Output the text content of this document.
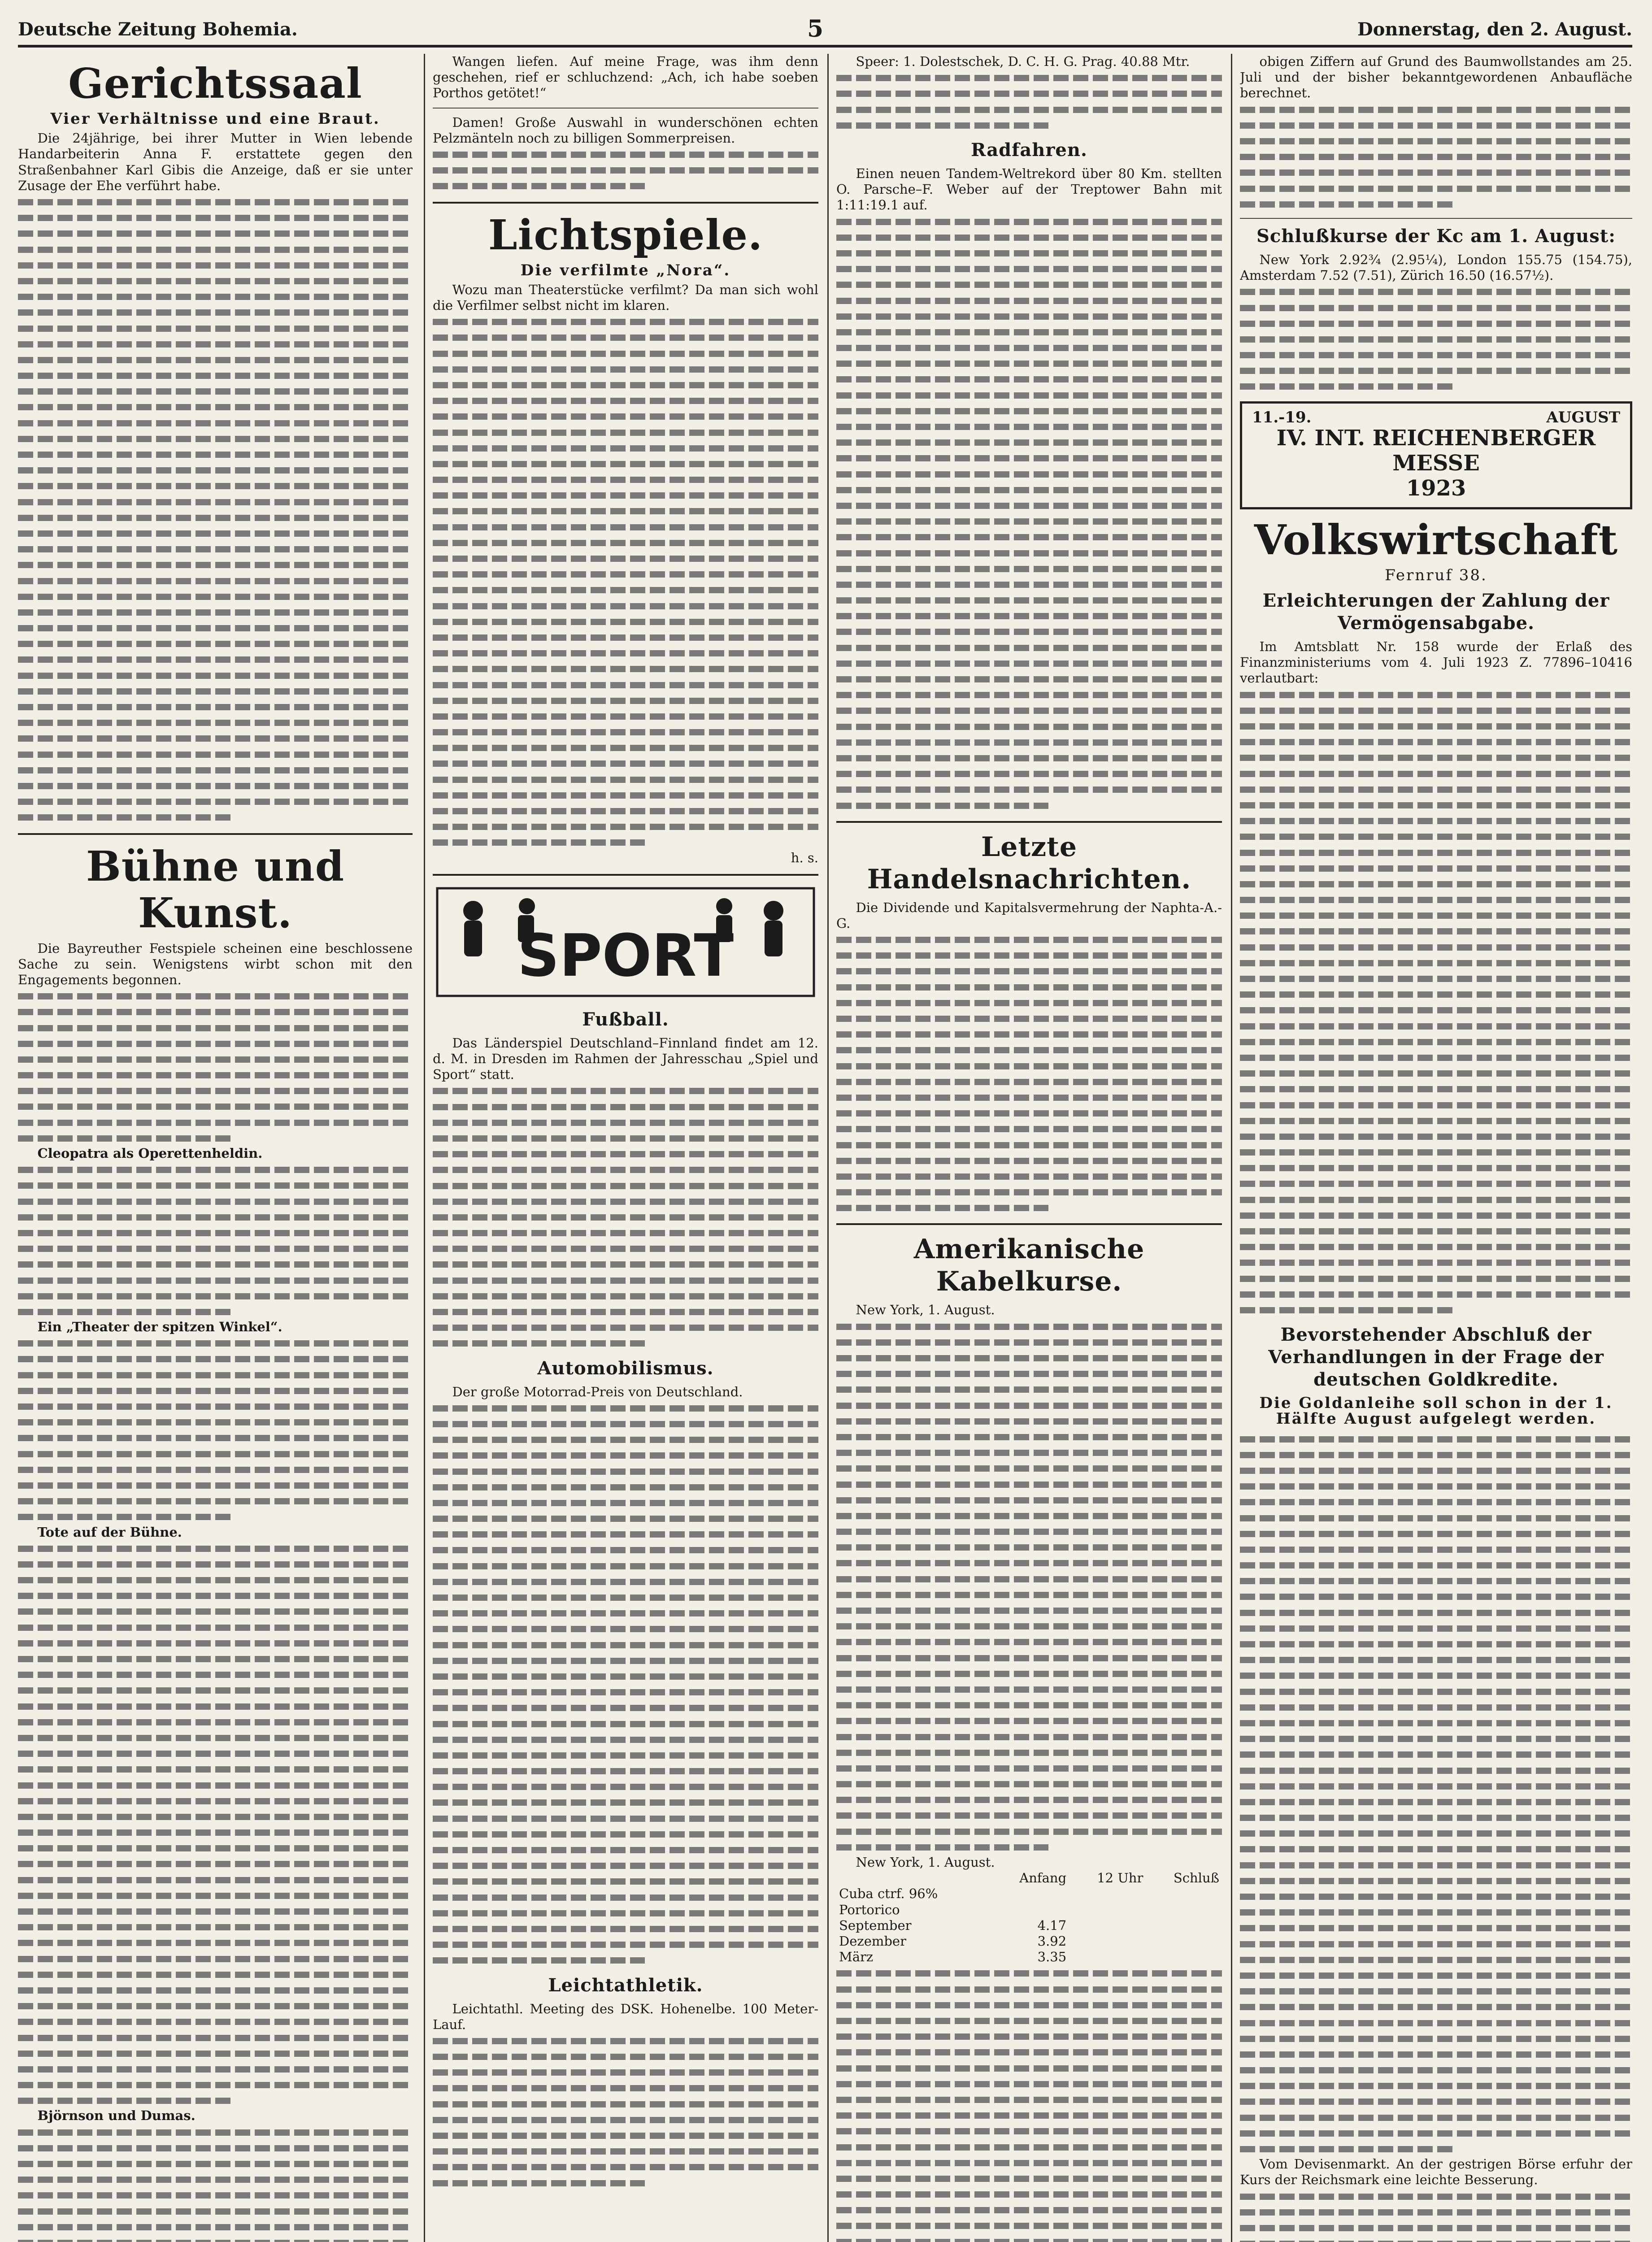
Deutsche Zeitung Bohemia.	5	Donnerstag, den 2. August.
Gerichtssaal
Vier Verhältnisse und eine Braut.

Die 24jährige, bei ihrer Mutter in Wien lebende Handarbeiterin Anna F. erstattete gegen den Straßenbahner Karl Gibis die Anzeige, daß er sie unter Zusage der Ehe verführt habe.

Bühne und Kunst.

Die Bayreuther Festspiele scheinen eine beschlossene Sache zu sein. Wenigstens wirbt schon mit den Engagements begonnen.

Cleopatra als Operettenheldin.

Ein „Theater der spitzen Winkel“.

Tote auf der Bühne.

Björnson und Dumas.

Wangen liefen. Auf meine Frage, was ihm denn geschehen, rief er schluchzend: „Ach, ich habe soeben Porthos getötet!“

Damen! Große Auswahl in wunderschönen echten Pelzmänteln noch zu billigen Sommerpreisen.

Lichtspiele.
Die verfilmte „Nora“.

Wozu man Theaterstücke verfilmt? Da man sich wohl die Verfilmer selbst nicht im klaren.

h. s.

SPORT
Fußball.

Das Länderspiel Deutschland–Finnland findet am 12. d. M. in Dresden im Rahmen der Jahresschau „Spiel und Sport“ statt.

Automobilismus.

Der große Motorrad-Preis von Deutschland.

Leichtathletik.

Leichtathl. Meeting des DSK. Hohenelbe. 100 Meter-Lauf.

Speer: 1. Dolestschek, D. C. H. G. Prag. 40.88 Mtr.

Radfahren.

Einen neuen Tandem-Weltrekord über 80 Km. stellten O. Parsche–F. Weber auf der Treptower Bahn mit 1:11:19.1 auf.

Letzte Handelsnachrichten.

Die Dividende und Kapitalsvermehrung der Naphta-A.-G.

Amerikanische Kabelkurse.

New York, 1. August.

New York, 1. August.

	Anfang	12 Uhr	Schluß
Cuba ctrf. 96%			
Portorico			
September	4.17		
Dezember	3.92		
März	3.35		

obigen Ziffern auf Grund des Baumwollstandes am 25. Juli und der bisher bekanntgewordenen Anbaufläche berechnet.

Schlußkurse der Kc am 1. August:

New York 2.92¾ (2.95¼), London 155.75 (154.75), Amsterdam 7.52 (7.51), Zürich 16.50 (16.57½).

11.-19.	AUGUST
IV. INT. REICHENBERGER MESSE
1923
Volkswirtschaft
Fernruf 38.
Erleichterungen der Zahlung der Vermögensabgabe.

Im Amtsblatt Nr. 158 wurde der Erlaß des Finanzministeriums vom 4. Juli 1923 Z. 77896–10416 verlautbart:

Bevorstehender Abschluß der Verhandlungen in der Frage der deutschen Goldkredite.
Die Goldanleihe soll schon in der 1. Hälfte August aufgelegt werden.

Vom Devisenmarkt. An der gestrigen Börse erfuhr der Kurs der Reichsmark eine leichte Besserung.
